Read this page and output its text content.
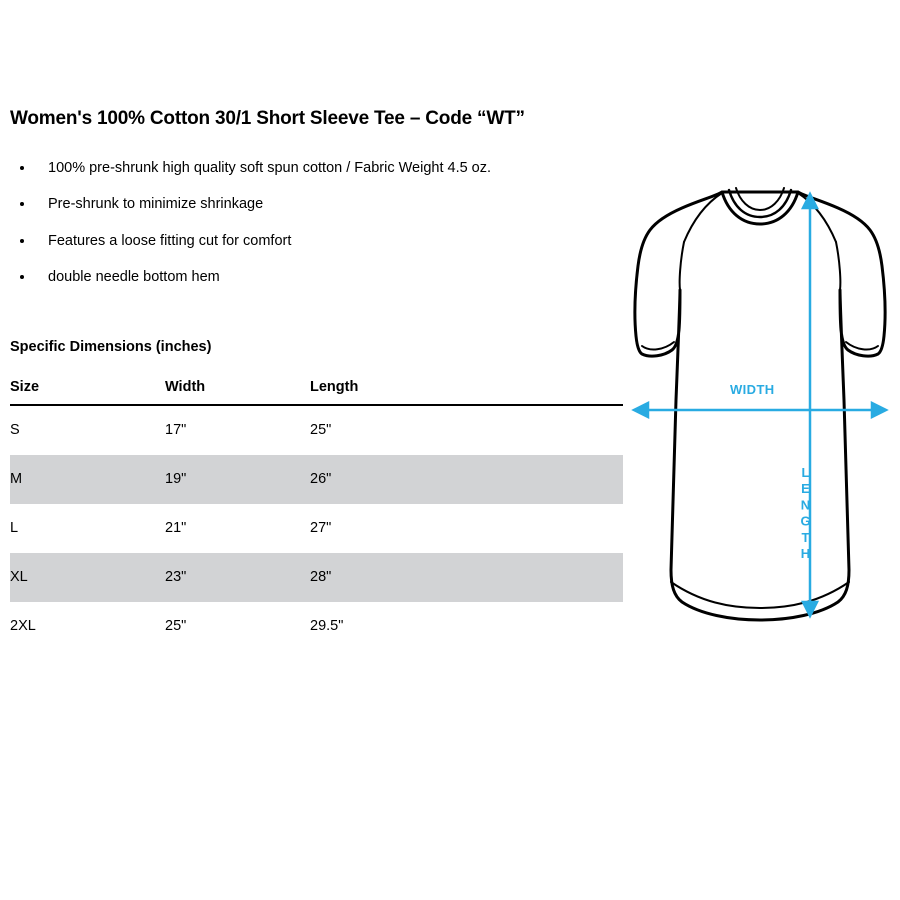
Women's 100% Cotton 30/1 Short Sleeve Tee – Code “WT”
100% pre-shrunk high quality soft spun cotton / Fabric Weight 4.5 oz.
Pre-shrunk to minimize shrinkage
Features a loose fitting cut for comfort
double needle bottom hem
Specific Dimensions (inches)
Size	Width	Length
S	17"	25"
M	19"	26"
L	21"	27"
XL	23"	28"
2XL	25"	29.5"
WIDTH
LENGTH
